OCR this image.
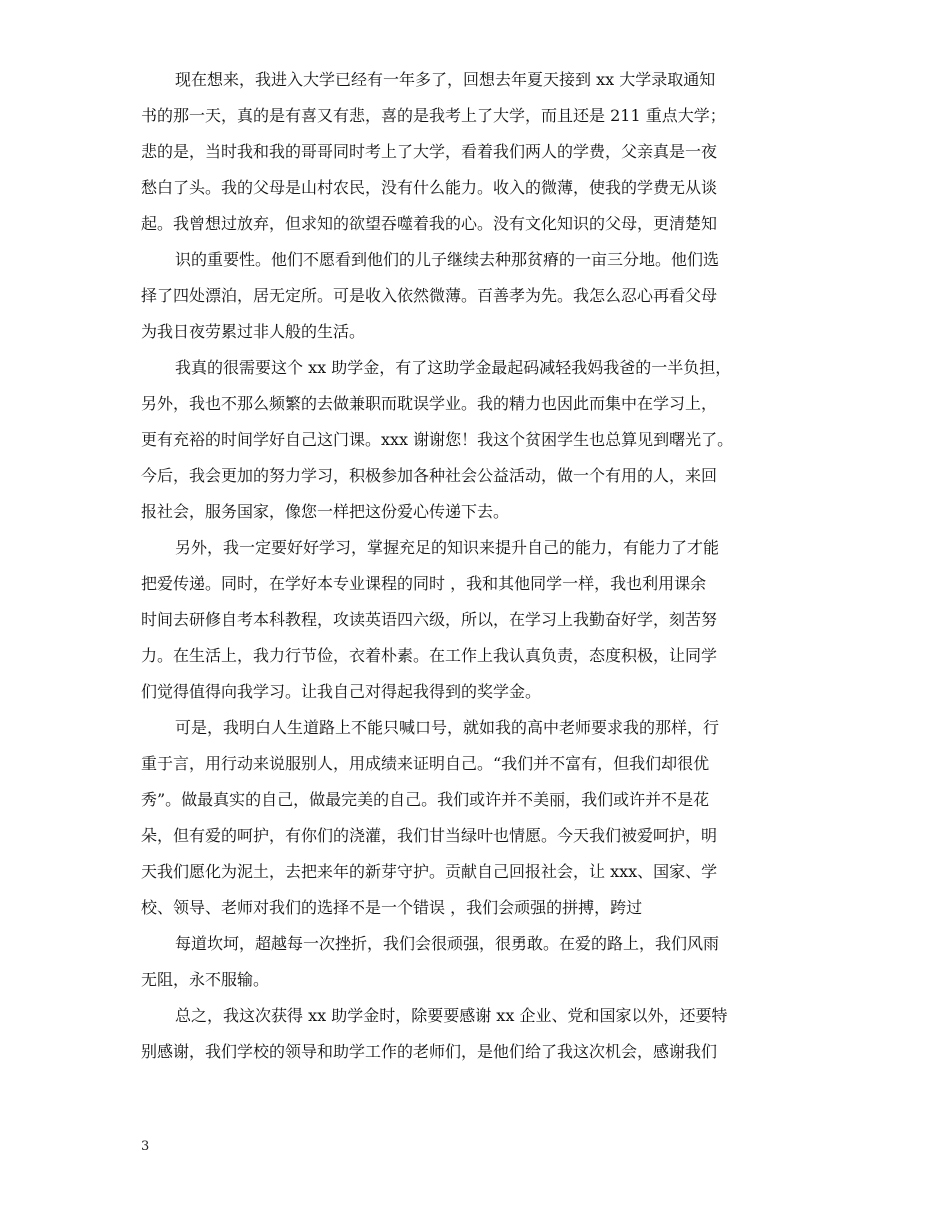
现在想来，我进入大学已经有一年多了，回想去年夏天接到 xx 大学录取通知
书的那一天，真的是有喜又有悲，喜的是我考上了大学，而且还是 211 重点大学；
悲的是，当时我和我的哥哥同时考上了大学，看着我们两人的学费，父亲真是一夜
愁白了头。我的父母是山村农民，没有什么能力。收入的微薄，使我的学费无从谈
起。我曾想过放弃，但求知的欲望吞噬着我的心。没有文化知识的父母，更清楚知
识的重要性。他们不愿看到他们的儿子继续去种那贫瘠的一亩三分地。他们选
择了四处漂泊，居无定所。可是收入依然微薄。百善孝为先。我怎么忍心再看父母
为我日夜劳累过非人般的生活。
我真的很需要这个 xx 助学金，有了这助学金最起码减轻我妈我爸的一半负担，
另外，我也不那么频繁的去做兼职而耽误学业。我的精力也因此而集中在学习上，
更有充裕的时间学好自己这门课。xxx 谢谢您！我这个贫困学生也总算见到曙光了。
今后，我会更加的努力学习，积极参加各种社会公益活动，做一个有用的人，来回
报社会，服务国家，像您一样把这份爱心传递下去。
另外，我一定要好好学习，掌握充足的知识来提升自己的能力，有能力了才能
把爱传递。同时，在学好本专业课程的同时 ，我和其他同学一样，我也利用课余
时间去研修自考本科教程，攻读英语四六级，所以，在学习上我勤奋好学，刻苦努
力。在生活上，我力行节俭，衣着朴素。在工作上我认真负责，态度积极，让同学
们觉得值得向我学习。让我自己对得起我得到的奖学金。
可是，我明白人生道路上不能只喊口号，就如我的高中老师要求我的那样，行
重于言，用行动来说服别人，用成绩来证明自己。“我们并不富有，但我们却很优
秀”。做最真实的自己，做最完美的自己。我们或许并不美丽，我们或许并不是花
朵，但有爱的呵护，有你们的浇灌，我们甘当绿叶也情愿。今天我们被爱呵护，明
天我们愿化为泥土，去把来年的新芽守护。贡献自己回报社会，让 xxx、国家、学
校、领导、老师对我们的选择不是一个错误 ，我们会顽强的拼搏，跨过
每道坎坷，超越每一次挫折，我们会很顽强，很勇敢。在爱的路上，我们风雨
无阻，永不服输。
总之，我这次获得 xx 助学金时，除要要感谢 xx 企业、党和国家以外，还要特
别感谢，我们学校的领导和助学工作的老师们，是他们给了我这次机会，感谢我们
3
